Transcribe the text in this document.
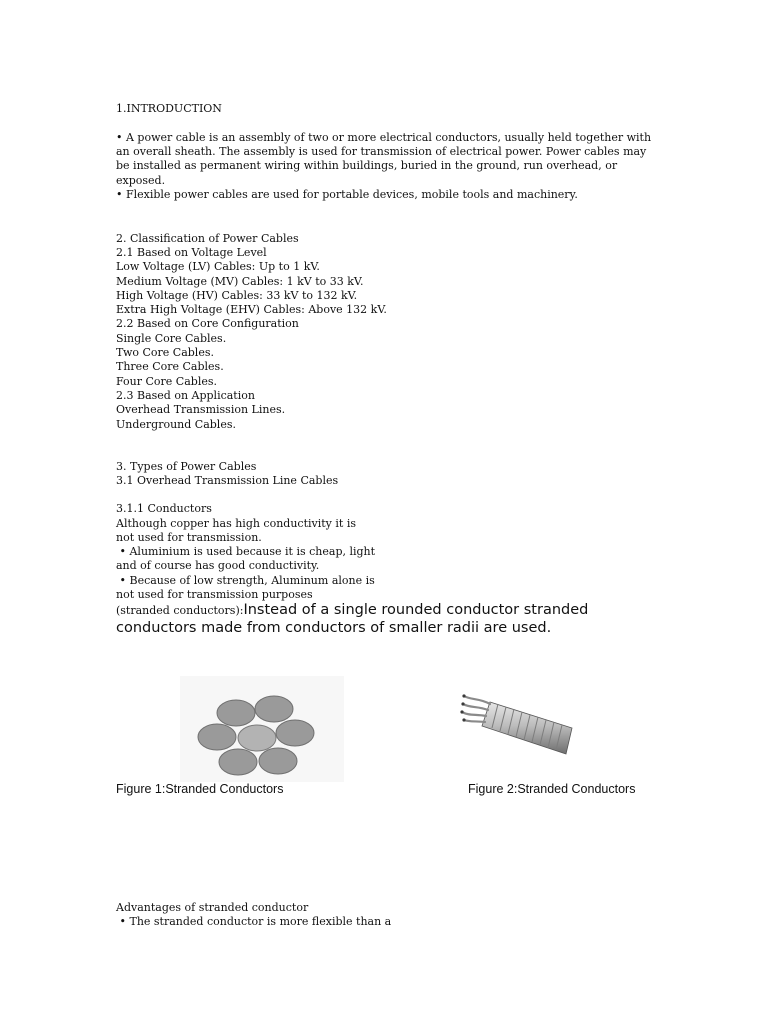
1.INTRODUCTION

• A power cable is an assembly of two or more electrical conductors, usually held together with

an overall sheath. The assembly is used for transmission of electrical power. Power cables may

be installed as permanent wiring within buildings, buried in the ground, run overhead, or

exposed.

• Flexible power cables are used for portable devices, mobile tools and machinery.

2. Classification of Power Cables

2.1 Based on Voltage Level

Low Voltage (LV) Cables: Up to 1 kV.

Medium Voltage (MV) Cables: 1 kV to 33 kV.

High Voltage (HV) Cables: 33 kV to 132 kV.

Extra High Voltage (EHV) Cables: Above 132 kV.

2.2 Based on Core Configuration

Single Core Cables.

Two Core Cables.

Three Core Cables.

Four Core Cables.

2.3 Based on Application

Overhead Transmission Lines.

Underground Cables.

3. Types of Power Cables

3.1 Overhead Transmission Line Cables

3.1.1 Conductors

Although copper has high conductivity it is

not used for transmission.

• Aluminium is used because it is cheap, light

and of course has good conductivity.

• Because of low strength, Aluminum alone is

not used for transmission purposes

(stranded conductors):Instead of a single rounded conductor stranded

conductors made from conductors of smaller radii are used.

Figure 1:Stranded Conductors	Figure 2:Stranded Conductors

Advantages of stranded conductor

• The stranded conductor is more flexible than a
